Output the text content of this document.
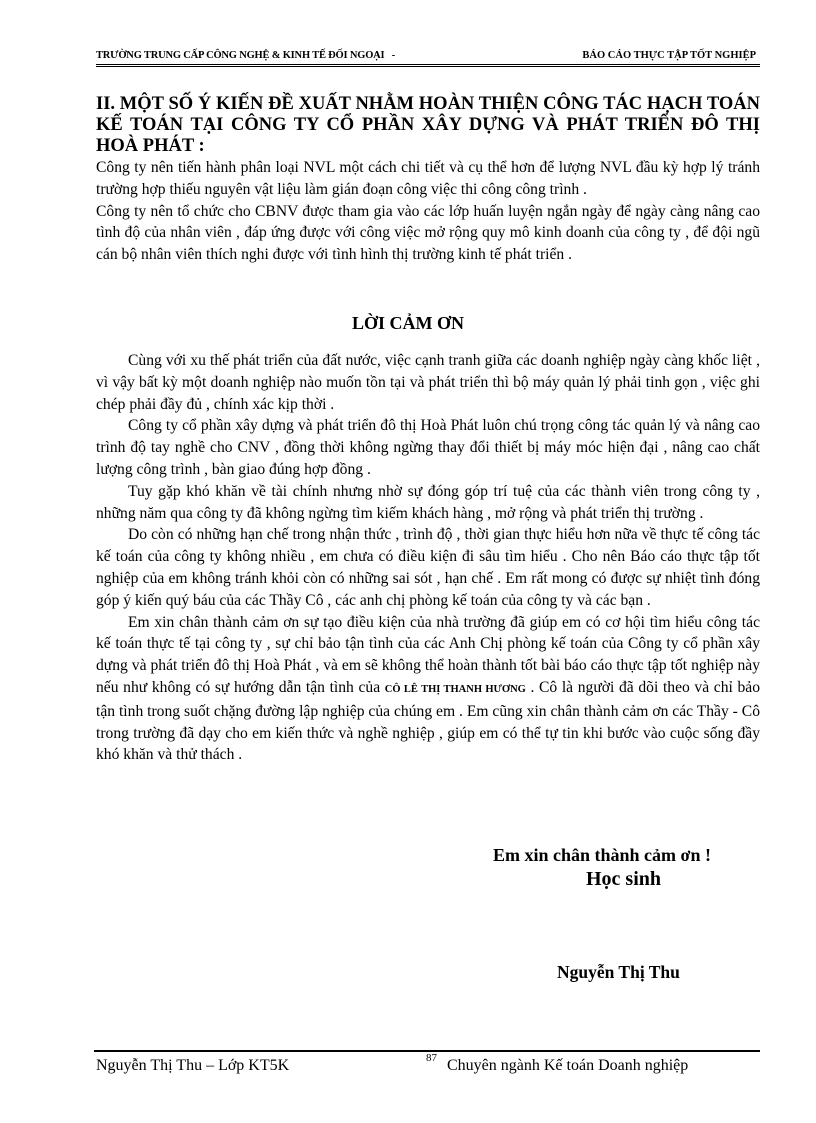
TRƯỜNG TRUNG CẤP CÔNG NGHỆ & KINH TẾ ĐỐI NGOẠI -	BÁO CÁO THỰC TẬP TỐT NGHIỆP
II. MỘT SỐ Ý KIẾN ĐỀ XUẤT NHẰM HOÀN THIỆN CÔNG TÁC HẠCH TOÁN KẾ TOÁN TẠI CÔNG TY CỔ PHẦN XÂY DỰNG VÀ PHÁT TRIỂN ĐÔ THỊ HOÀ PHÁT :

Công ty nên tiến hành phân loại NVL một cách chi tiết và cụ thể hơn để lượng NVL đầu kỳ hợp lý tránh trường hợp thiếu nguyên vật liệu làm gián đoạn công việc thi công công trình .

Công ty nên tổ chức cho CBNV được tham gia vào các lớp huấn luyện ngắn ngày để ngày càng nâng cao tình độ của nhân viên , đáp ứng được với công việc mở rộng quy mô kinh doanh của công ty , để đội ngũ cán bộ nhân viên thích nghi được với tình hình thị trường kinh tế phát triển .

LỜI CẢM ƠN

Cùng với xu thế phát triển của đất nước, việc cạnh tranh giữa các doanh nghiệp ngày càng khốc liệt , vì vậy bất kỳ một doanh nghiệp nào muốn tồn tại và phát triển thì bộ máy quản lý phải tinh gọn , việc ghi chép phải đầy đủ , chính xác kịp thời .

Công ty cổ phần xây dựng và phát triển đô thị Hoà Phát luôn chú trọng công tác quản lý và nâng cao trình độ tay nghề cho CNV , đồng thời không ngừng thay đổi thiết bị máy móc hiện đại , nâng cao chất lượng công trình , bàn giao đúng hợp đồng .

Tuy gặp khó khăn về tài chính nhưng nhờ sự đóng góp trí tuệ của các thành viên trong công ty , những năm qua công ty đã không ngừng tìm kiếm khách hàng , mở rộng và phát triển thị trường .

Do còn có những hạn chế trong nhận thức , trình độ , thời gian thực hiểu hơn nữa về thực tế công tác kế toán của công ty không nhiều , em chưa có điều kiện đi sâu tìm hiểu . Cho nên Báo cáo thực tập tốt nghiệp của em không tránh khỏi còn có những sai sót , hạn chế . Em rất mong có được sự nhiệt tình đóng góp ý kiến quý báu của các Thầy Cô , các anh chị phòng kế toán của công ty và các bạn .

Em xin chân thành cảm ơn sự tạo điều kiện của nhà trường đã giúp em có cơ hội tìm hiểu công tác kế toán thực tế tại công ty , sự chỉ bảo tận tình của các Anh Chị phòng kế toán của Công ty cổ phần xây dựng và phát triển đô thị Hoà Phát , và em sẽ không thể hoàn thành tốt bài báo cáo thực tập tốt nghiệp này nếu như không có sự hướng dẫn tận tình của CÔ LÊ THỊ THANH HƯƠNG . Cô là người đã dõi theo và chỉ bảo tận tình trong suốt chặng đường lập nghiệp của chúng em . Em cũng xin chân thành cảm ơn các Thầy - Cô trong trường đã dạy cho em kiến thức và nghề nghiệp , giúp em có thể tự tin khi bước vào cuộc sống đầy khó khăn và thử thách .

Em xin chân thành cảm ơn !
Học sinh
Nguyễn Thị Thu
Nguyễn Thị Thu – Lớp KT5K	87 Chuyên ngành Kế toán Doanh nghiệp
